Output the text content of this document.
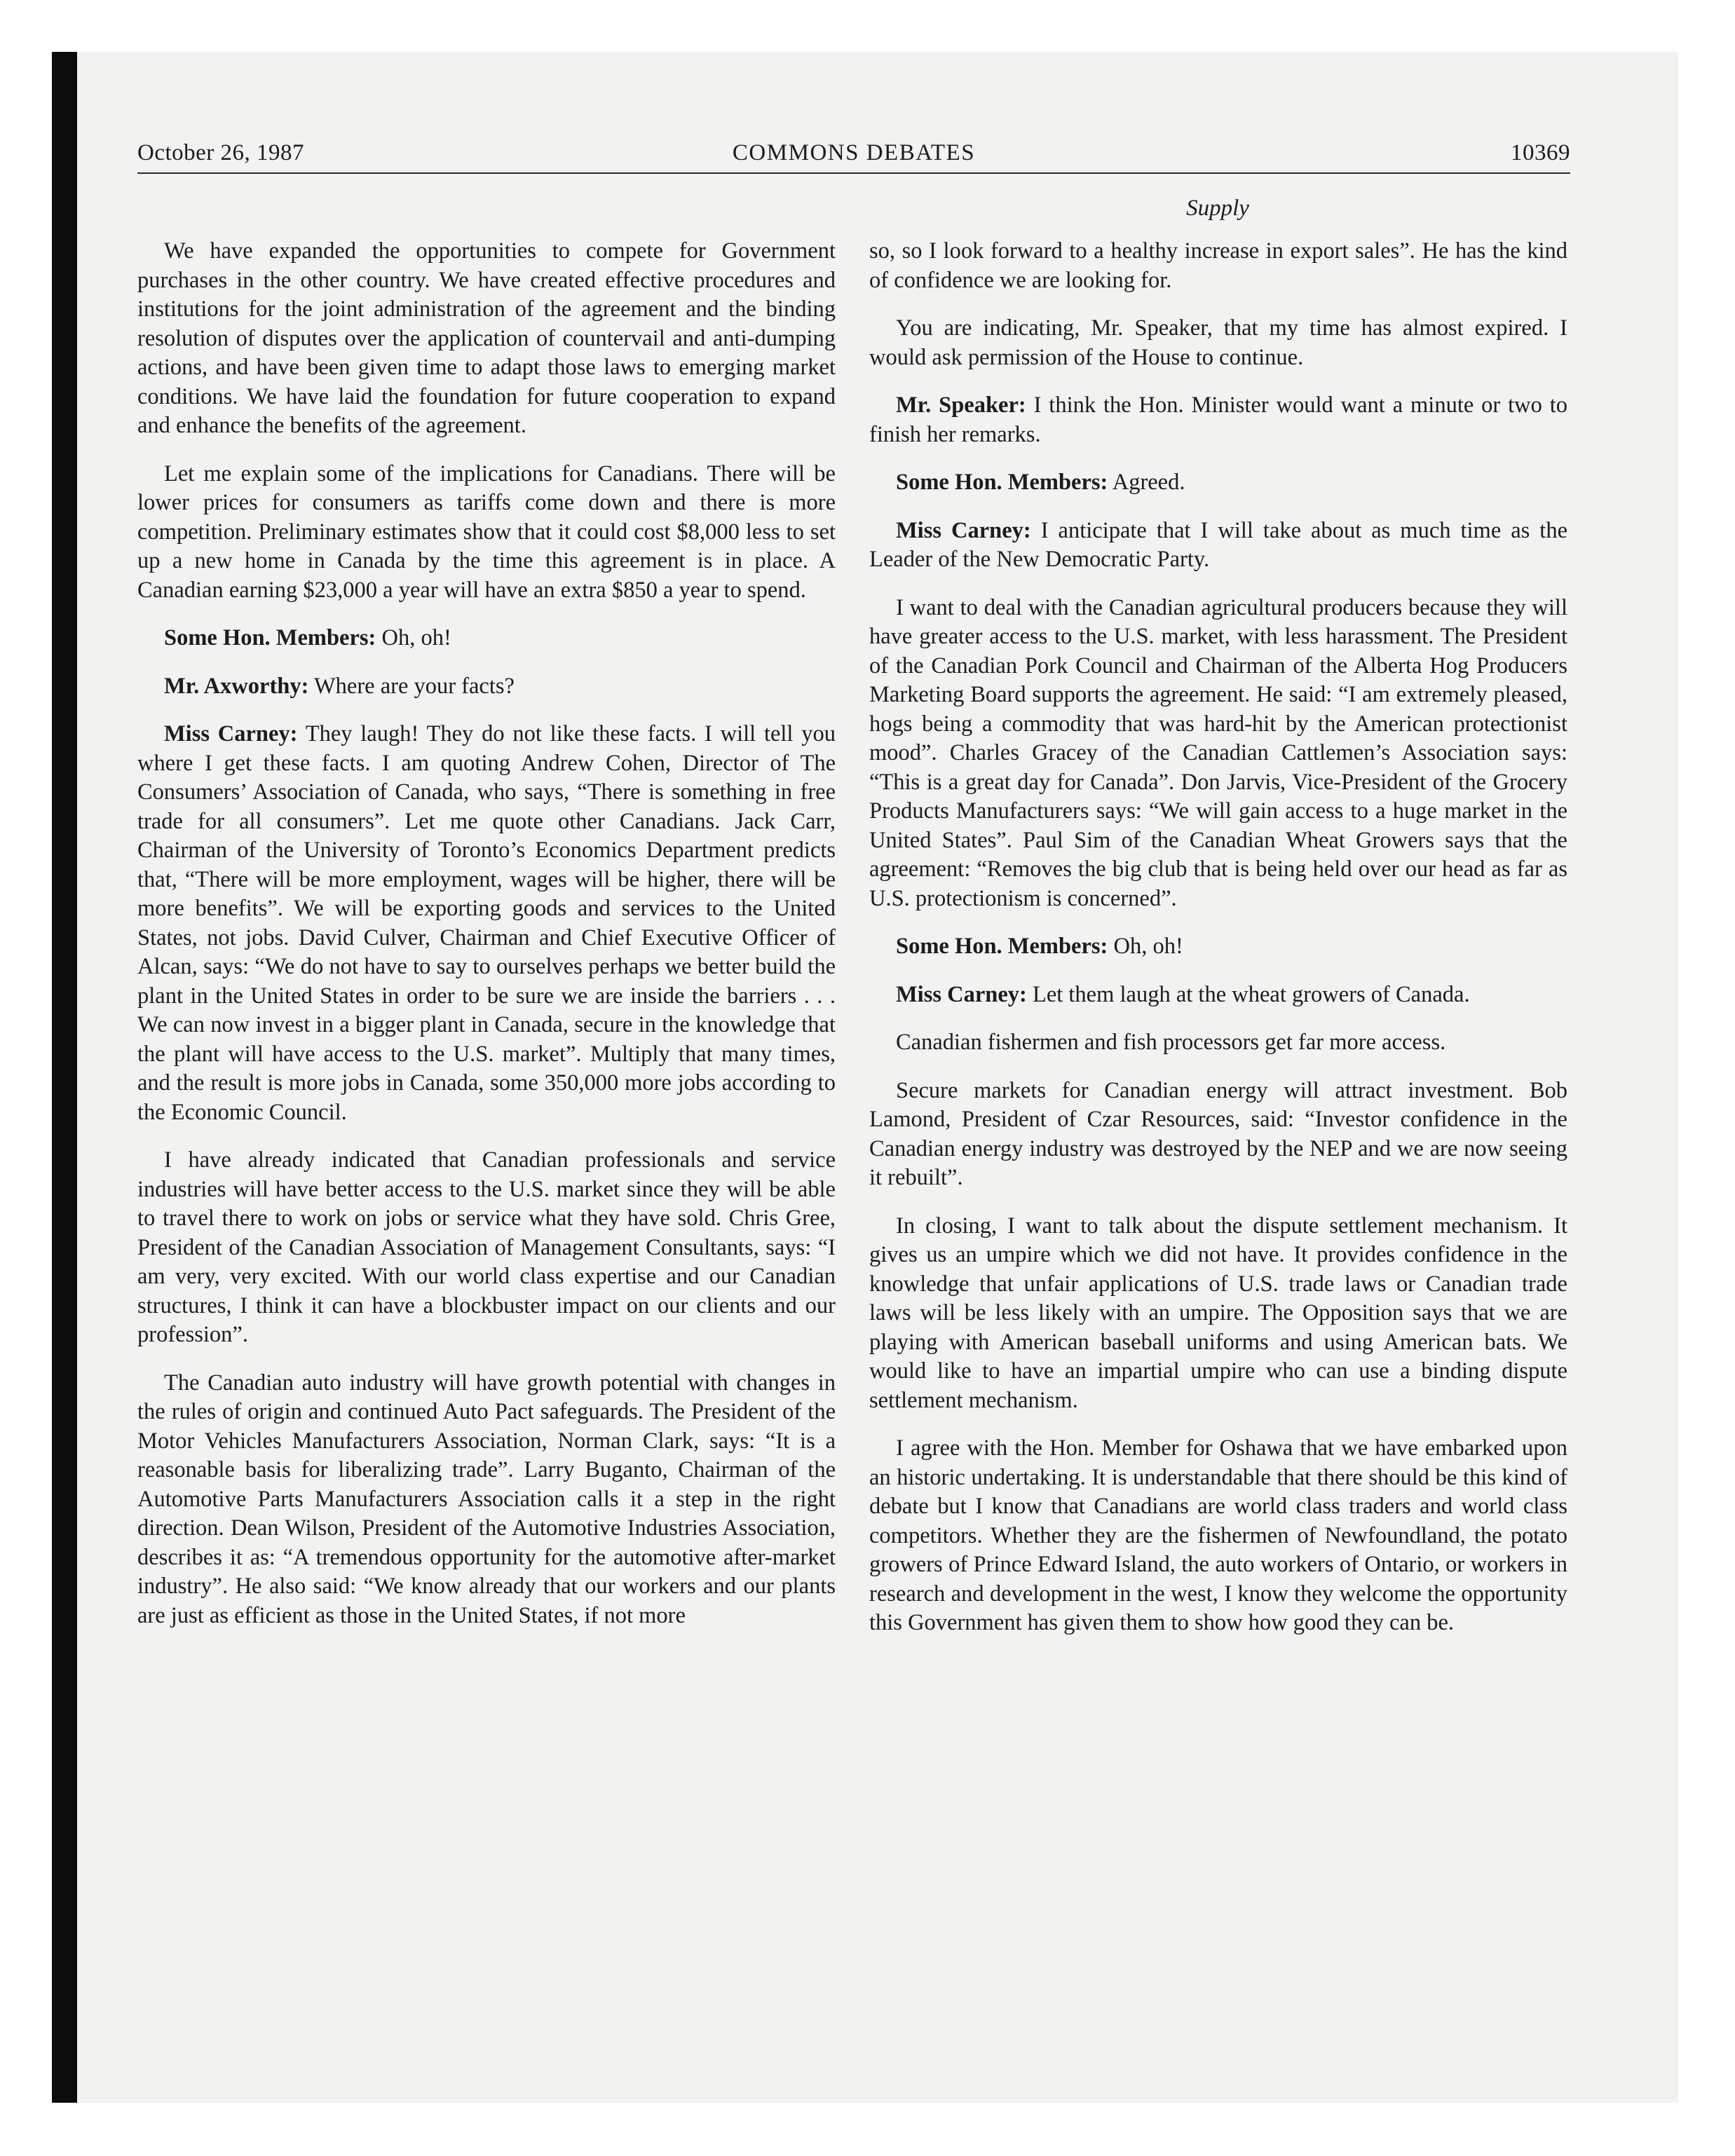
October 26, 1987	COMMONS DEBATES	10369
Supply

We have expanded the opportunities to compete for Government purchases in the other country. We have created effective procedures and institutions for the joint administration of the agreement and the binding resolution of disputes over the application of countervail and anti-dumping actions, and have been given time to adapt those laws to emerging market conditions. We have laid the foundation for future cooperation to expand and enhance the benefits of the agreement.

Let me explain some of the implications for Canadians. There will be lower prices for consumers as tariffs come down and there is more competition. Preliminary estimates show that it could cost $8,000 less to set up a new home in Canada by the time this agreement is in place. A Canadian earning $23,000 a year will have an extra $850 a year to spend.

Some Hon. Members: Oh, oh!

Mr. Axworthy: Where are your facts?

Miss Carney: They laugh! They do not like these facts. I will tell you where I get these facts. I am quoting Andrew Cohen, Director of The Consumers’ Association of Canada, who says, “There is something in free trade for all consumers”. Let me quote other Canadians. Jack Carr, Chairman of the University of Toronto’s Economics Department predicts that, “There will be more employment, wages will be higher, there will be more benefits”. We will be exporting goods and services to the United States, not jobs. David Culver, Chairman and Chief Executive Officer of Alcan, says: “We do not have to say to ourselves perhaps we better build the plant in the United States in order to be sure we are inside the barriers . . . We can now invest in a bigger plant in Canada, secure in the knowledge that the plant will have access to the U.S. market”. Multiply that many times, and the result is more jobs in Canada, some 350,000 more jobs according to the Economic Council.

I have already indicated that Canadian professionals and service industries will have better access to the U.S. market since they will be able to travel there to work on jobs or service what they have sold. Chris Gree, President of the Canadian Association of Management Consultants, says: “I am very, very excited. With our world class expertise and our Canadian structures, I think it can have a blockbuster impact on our clients and our profession”.

The Canadian auto industry will have growth potential with changes in the rules of origin and continued Auto Pact safeguards. The President of the Motor Vehicles Manufacturers Association, Norman Clark, says: “It is a reasonable basis for liberalizing trade”. Larry Buganto, Chairman of the Automotive Parts Manufacturers Association calls it a step in the right direction. Dean Wilson, President of the Automotive Industries Association, describes it as: “A tremendous opportunity for the automotive after-market industry”. He also said: “We know already that our workers and our plants are just as efficient as those in the United States, if not more

so, so I look forward to a healthy increase in export sales”. He has the kind of confidence we are looking for.

You are indicating, Mr. Speaker, that my time has almost expired. I would ask permission of the House to continue.

Mr. Speaker: I think the Hon. Minister would want a minute or two to finish her remarks.

Some Hon. Members: Agreed.

Miss Carney: I anticipate that I will take about as much time as the Leader of the New Democratic Party.

I want to deal with the Canadian agricultural producers because they will have greater access to the U.S. market, with less harassment. The President of the Canadian Pork Council and Chairman of the Alberta Hog Producers Marketing Board supports the agreement. He said: “I am extremely pleased, hogs being a commodity that was hard-hit by the American protectionist mood”. Charles Gracey of the Canadian Cattlemen’s Association says: “This is a great day for Canada”. Don Jarvis, Vice-President of the Grocery Products Manufacturers says: “We will gain access to a huge market in the United States”. Paul Sim of the Canadian Wheat Growers says that the agreement: “Removes the big club that is being held over our head as far as U.S. protectionism is concerned”.

Some Hon. Members: Oh, oh!

Miss Carney: Let them laugh at the wheat growers of Canada.

Canadian fishermen and fish processors get far more access.

Secure markets for Canadian energy will attract investment. Bob Lamond, President of Czar Resources, said: “Investor confidence in the Canadian energy industry was destroyed by the NEP and we are now seeing it rebuilt”.

In closing, I want to talk about the dispute settlement mechanism. It gives us an umpire which we did not have. It provides confidence in the knowledge that unfair applications of U.S. trade laws or Canadian trade laws will be less likely with an umpire. The Opposition says that we are playing with American baseball uniforms and using American bats. We would like to have an impartial umpire who can use a binding dispute settlement mechanism.

I agree with the Hon. Member for Oshawa that we have embarked upon an historic undertaking. It is understandable that there should be this kind of debate but I know that Canadians are world class traders and world class competitors. Whether they are the fishermen of Newfoundland, the potato growers of Prince Edward Island, the auto workers of Ontario, or workers in research and development in the west, I know they welcome the opportunity this Government has given them to show how good they can be.
